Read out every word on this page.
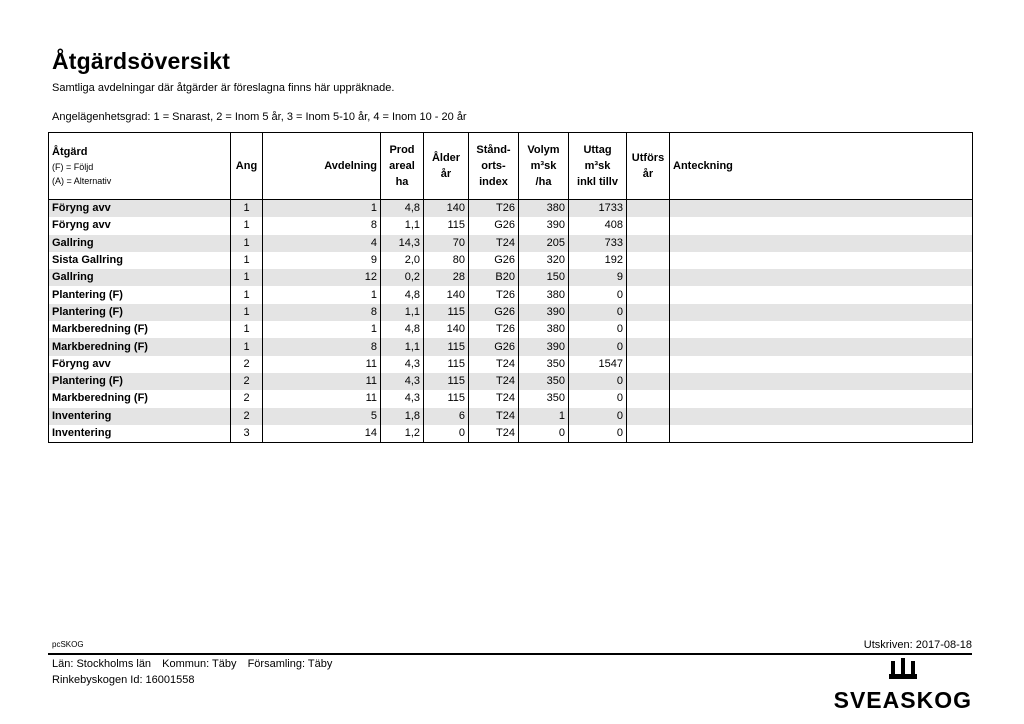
Åtgärdsöversikt
Samtliga avdelningar där åtgärder är föreslagna finns här uppräknade.
Angelägenhetsgrad: 1 = Snarast, 2 = Inom 5 år, 3 = Inom 5-10 år, 4 = Inom 10 - 20 år
Åtgärd
(F) = Följd
(A) = Alternativ	Ang	Avdelning	Prod
areal
ha	Ålder
år	Stånd-
orts-
index	Volym
m³sk
/ha	Uttag
m³sk
inkl tillv	Utförs
år	Anteckning
Föryng avv	1	1	4,8	140	T26	380	1733		
Föryng avv	1	8	1,1	115	G26	390	408		
Gallring	1	4	14,3	70	T24	205	733		
Sista Gallring	1	9	2,0	80	G26	320	192		
Gallring	1	12	0,2	28	B20	150	9		
Plantering (F)	1	1	4,8	140	T26	380	0		
Plantering (F)	1	8	1,1	115	G26	390	0		
Markberedning (F)	1	1	4,8	140	T26	380	0		
Markberedning (F)	1	8	1,1	115	G26	390	0		
Föryng avv	2	11	4,3	115	T24	350	1547		
Plantering (F)	2	11	4,3	115	T24	350	0		
Markberedning (F)	2	11	4,3	115	T24	350	0		
Inventering	2	5	1,8	6	T24	1	0		
Inventering	3	14	1,2	0	T24	0	0		
pcSKOG	Utskriven: 2017-08-18
Län: Stockholms län Kommun: Täby Församling: Täby
Rinkebyskogen Id: 16001558
SVEASKOG
